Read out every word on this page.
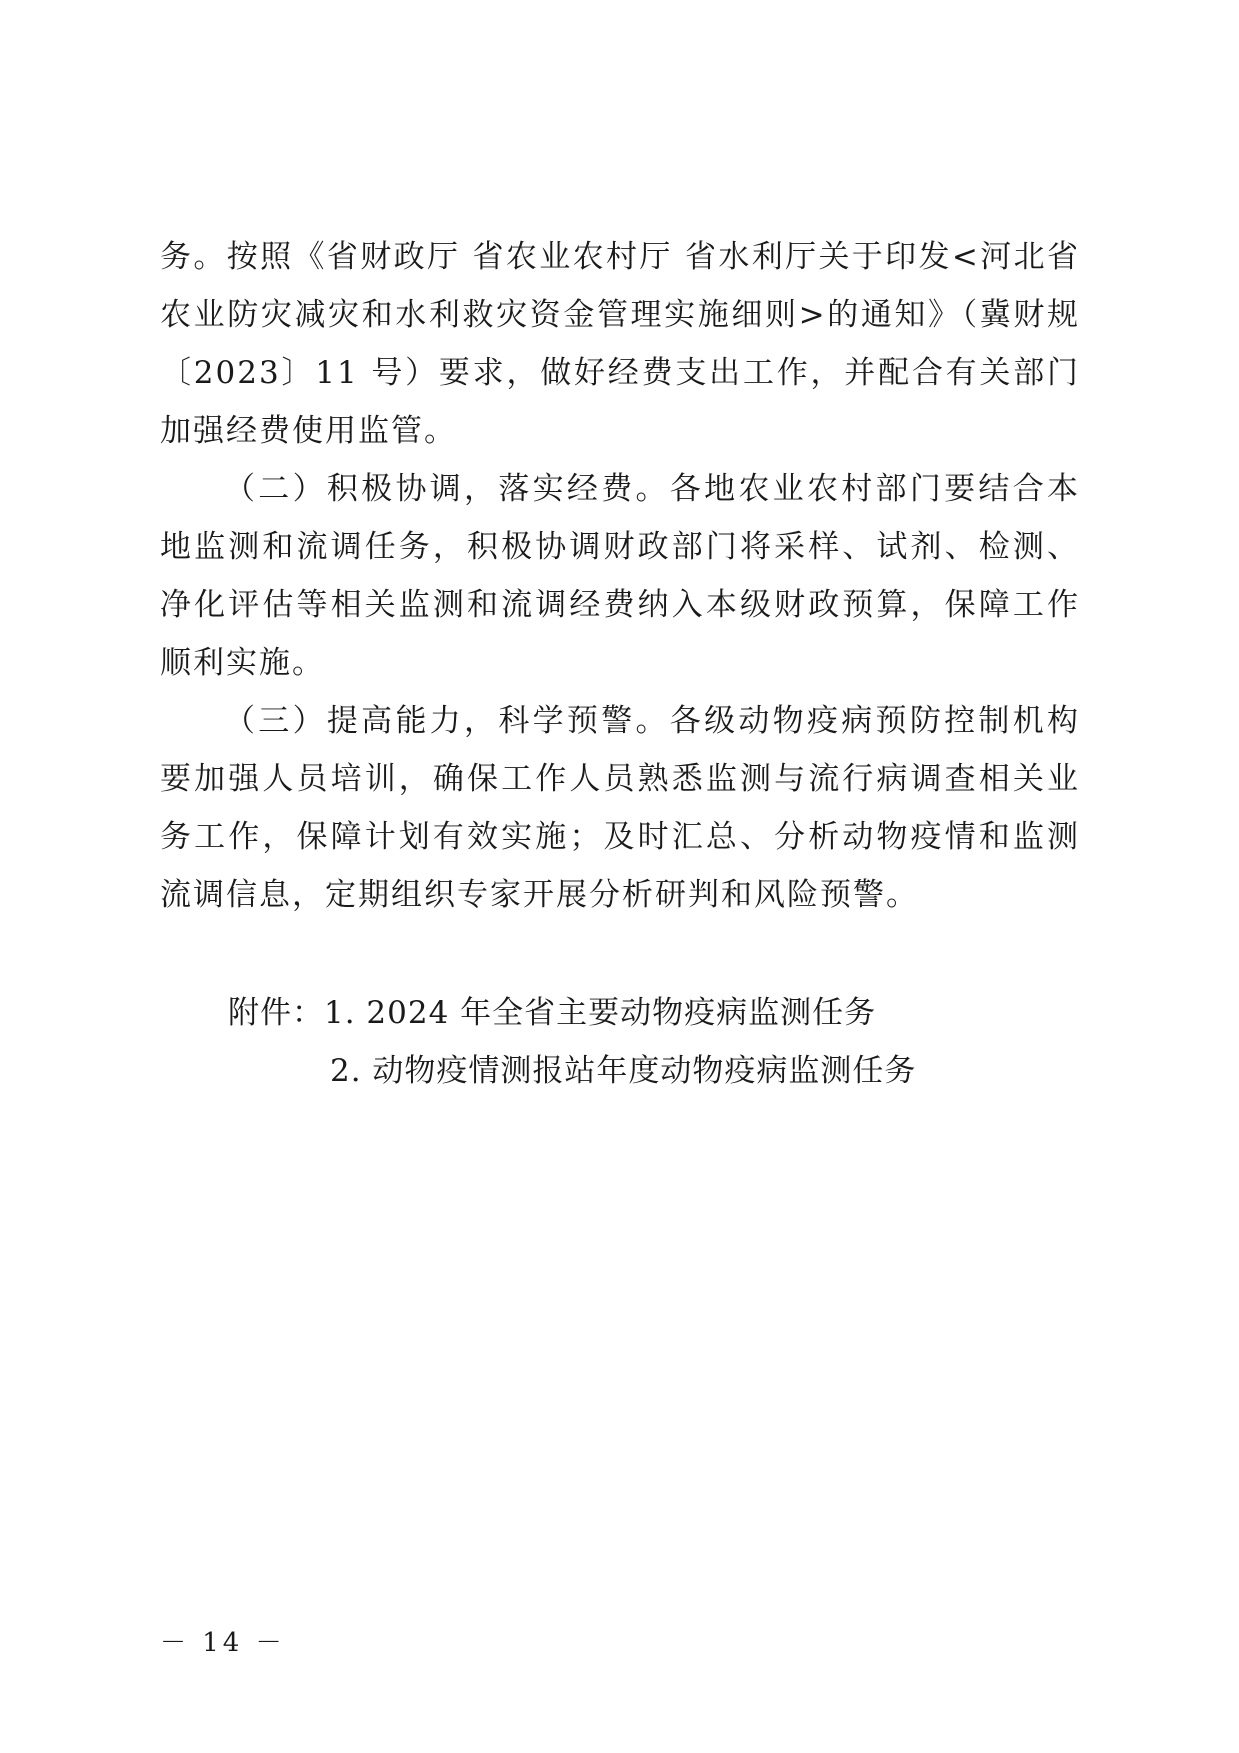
务。按照《省财政厅 省农业农村厅 省水利厅关于印发<河北省农业防灾减灾和水利救灾资金管理实施细则>的通知》（冀财规〔2023〕11 号）要求，做好经费支出工作，并配合有关部门加强经费使用监管。

（二）积极协调，落实经费。各地农业农村部门要结合本地监测和流调任务，积极协调财政部门将采样、试剂、检测、净化评估等相关监测和流调经费纳入本级财政预算，保障工作顺利实施。

（三）提高能力，科学预警。各级动物疫病预防控制机构要加强人员培训，确保工作人员熟悉监测与流行病调查相关业务工作，保障计划有效实施；及时汇总、分析动物疫情和监测流调信息，定期组织专家开展分析研判和风险预警。

附件：1. 2024 年全省主要动物疫病监测任务
2. 动物疫情测报站年度动物疫病监测任务
－ 14 －
